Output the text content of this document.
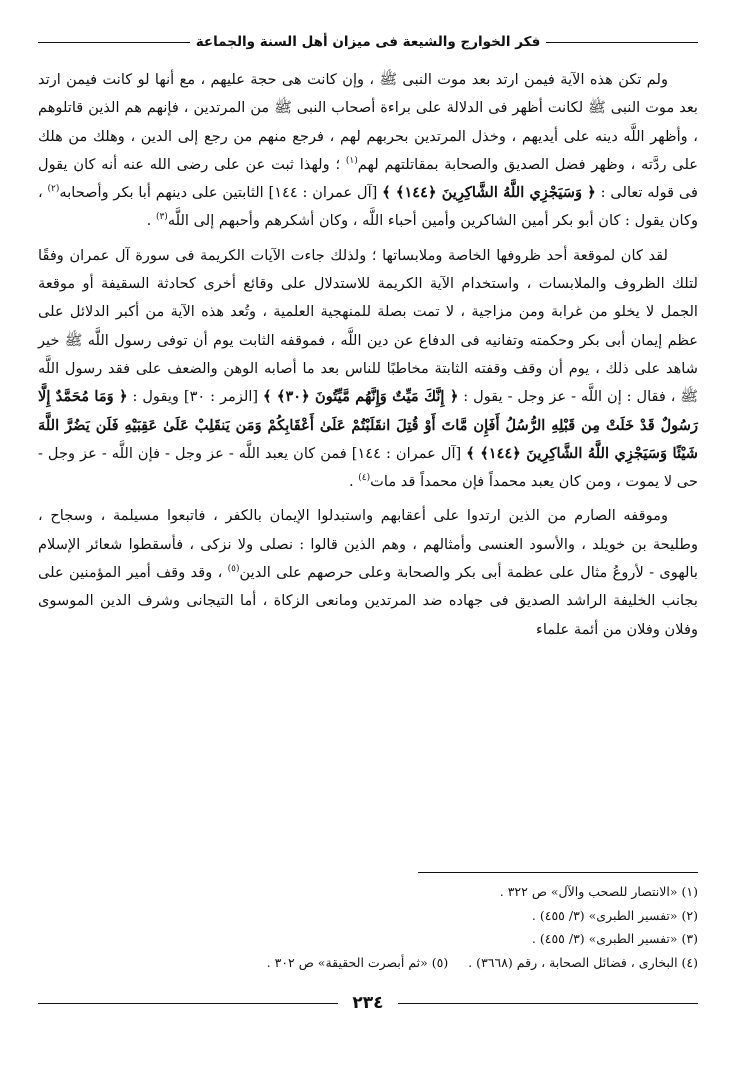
فكر الخوارج والشيعة فى ميزان أهل السنة والجماعة

ولم تكن هذه الآية فيمن ارتد بعد موت النبى ﷺ ، وإن كانت هى حجة عليهم ، مع أنها لو كانت فيمن ارتد بعد موت النبى ﷺ لكانت أظهر فى الدلالة على براءة أصحاب النبى ﷺ من المرتدين ، فإنهم هم الذين قاتلوهم ، وأظهر اللَّه دينه على أيديهم ، وخذل المرتدين بحربهم لهم ، فرجع منهم من رجع إلى الدين ، وهلك من هلك على ردَّته ، وظهر فضل الصديق والصحابة بمقاتلتهم لهم$^{(١)}$ ؛ ولهذا ثبت عن على رضى الله عنه أنه كان يقول فى قوله تعالى : ﴿ وَسَيَجْزِي اللَّهُ الشَّاكِرِينَ ﴿١٤٤﴾ ﴾ [آل عمران : ١٤٤] الثابتين على دينهم أبا بكر وأصحابه$^{(٢)}$ ، وكان يقول : كان أبو بكر أمين الشاكرين وأمين أحباء اللَّه ، وكان أشكرهم وأحبهم إلى اللَّه$^{(٣)}$ .

لقد كان لموقعة أحد ظروفها الخاصة وملابساتها ؛ ولذلك جاءت الآيات الكريمة فى سورة آل عمران وفقًا لتلك الظروف والملابسات ، واستخدام الآية الكريمة للاستدلال على وقائع أخرى كحادثة السقيفة أو موقعة الجمل لا يخلو من غرابة ومن مزاجية ، لا تمت بصلة للمنهجية العلمية ، وتُعد هذه الآية من أكبر الدلائل على عظم إيمان أبى بكر وحكمته وتفانيه فى الدفاع عن دين اللَّه ، فموقفه الثابت يوم أن توفى رسول اللَّه ﷺ خير شاهد على ذلك ، يوم أن وقف وقفته الثابتة مخاطبًا للناس بعد ما أصابه الوهن والضعف على فقد رسول اللَّه ﷺ ، فقال : إن اللَّه - عز وجل - يقول : ﴿ إِنَّكَ مَيِّتٌ وَإِنَّهُم مَّيِّتُونَ ﴿٣٠﴾ ﴾ [الزمر : ٣٠] ويقول : ﴿ وَمَا مُحَمَّدٌ إِلَّا رَسُولٌ قَدْ خَلَتْ مِن قَبْلِهِ الرُّسُلُ أَفَإِن مَّاتَ أَوْ قُتِلَ انقَلَبْتُمْ عَلَىٰ أَعْقَابِكُمْ وَمَن يَنقَلِبْ عَلَىٰ عَقِبَيْهِ فَلَن يَضُرَّ اللَّهَ شَيْئًا وَسَيَجْزِي اللَّهُ الشَّاكِرِينَ ﴿١٤٤﴾ ﴾ [آل عمران : ١٤٤] فمن كان يعبد اللَّه - عز وجل - فإن اللَّه - عز وجل - حى لا يموت ، ومن كان يعبد محمداً فإن محمداً قد مات$^{(٤)}$ .

وموقفه الصارم من الذين ارتدوا على أعقابهم واستبدلوا الإيمان بالكفر ، فاتبعوا مسيلمة ، وسجاح ، وطليحة بن خويلد ، والأسود العنسى وأمثالهم ، وهم الذين قالوا : نصلى ولا نزكى ، فأسقطوا شعائر الإسلام بالهوى - لأروعُ مثال على عظمة أبى بكر والصحابة وعلى حرصهم على الدين$^{(٥)}$ ، وقد وقف أمير المؤمنين على بجانب الخليفة الراشد الصديق فى جهاده ضد المرتدين ومانعى الزكاة ، أما التيجانى وشرف الدين الموسوى وفلان وفلان من أئمة علماء

(١) «الانتصار للصحب والآل» ص ٣٢٢ .
(٢) «تفسير الطبرى» (٣/ ٤٥٥) .
(٣) «تفسير الطبرى» (٣/ ٤٥٥) .
(٤) البخارى ، فضائل الصحابة ، رقم (٣٦٦٨) .
(٥) «ثم أبصرت الحقيقة» ص ٣٠٢ .
٢٣٤
